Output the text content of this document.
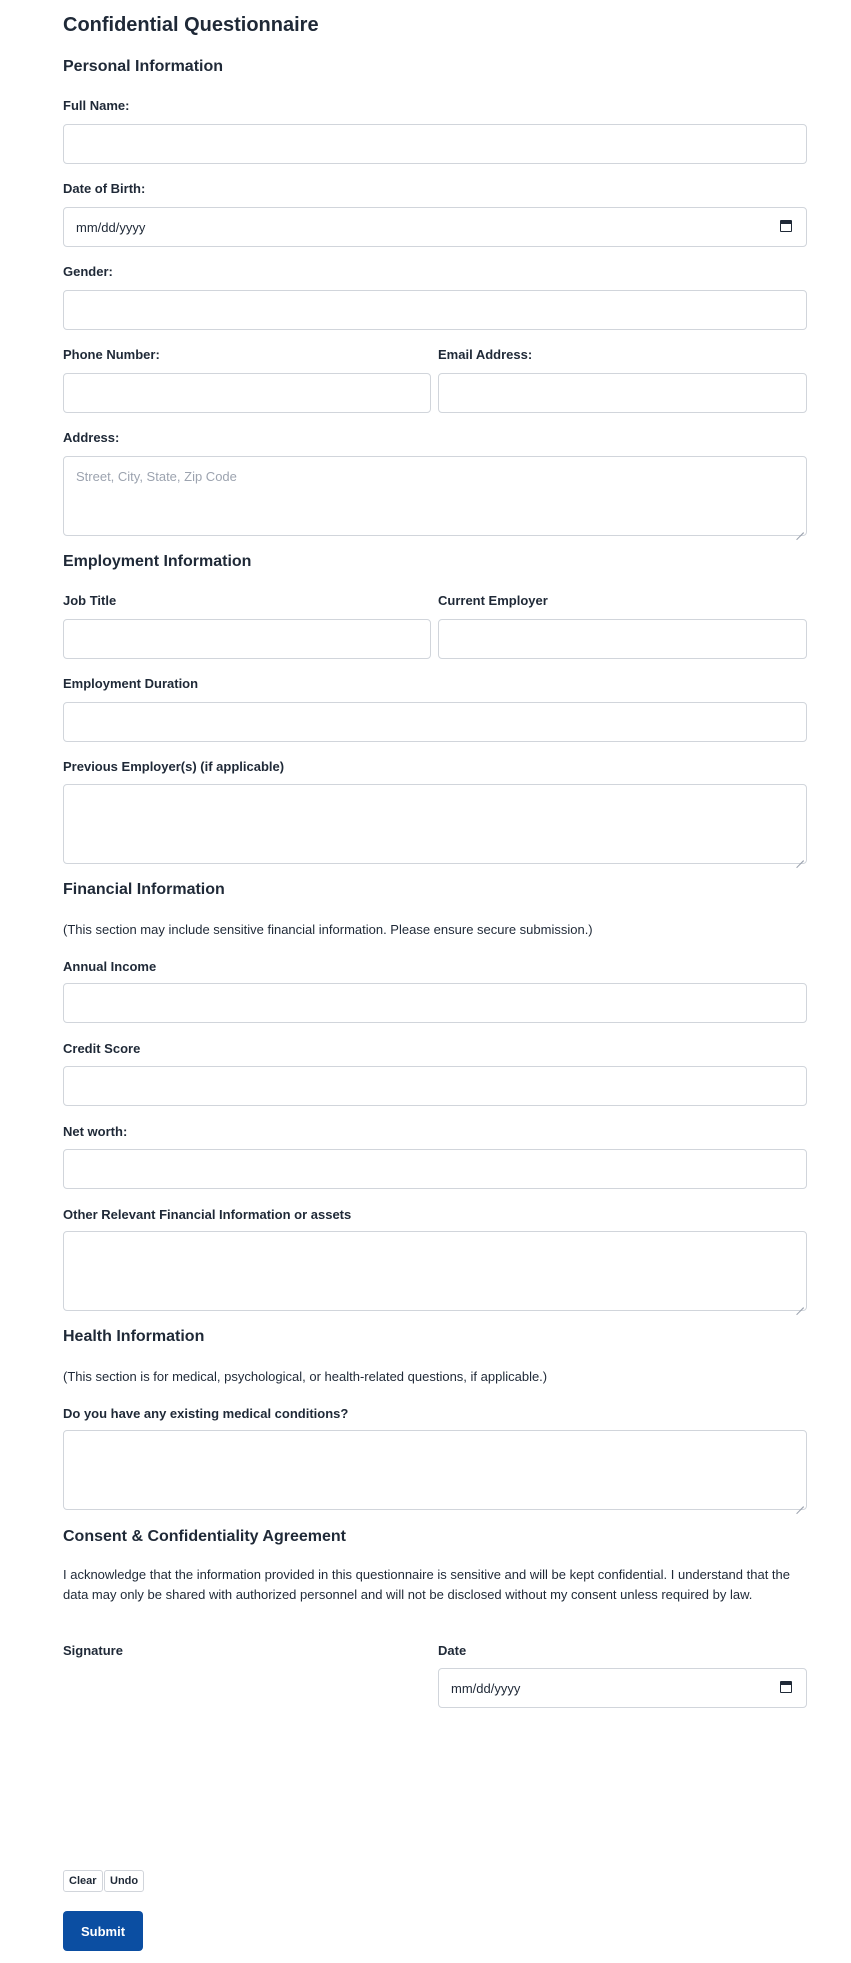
Confidential Questionnaire
Personal Information
Full Name:
Date of Birth:
mm/dd/yyyy
Gender:
Phone Number:	Email Address:
Address:
Street, City, State, Zip Code
Employment Information
Job Title	Current Employer
Employment Duration
Previous Employer(s) (if applicable)
Financial Information

(This section may include sensitive financial information. Please ensure secure submission.)

Annual Income
Credit Score
Net worth:
Other Relevant Financial Information or assets
Health Information

(This section is for medical, psychological, or health-related questions, if applicable.)

Do you have any existing medical conditions?
Consent & Confidentiality Agreement

I acknowledge that the information provided in this questionnaire is sensitive and will be kept confidential. I understand that the data may only be shared with authorized personnel and will not be disclosed without my consent unless required by law.

Signature	Date
mm/dd/yyyy
Clear	Undo
Submit
